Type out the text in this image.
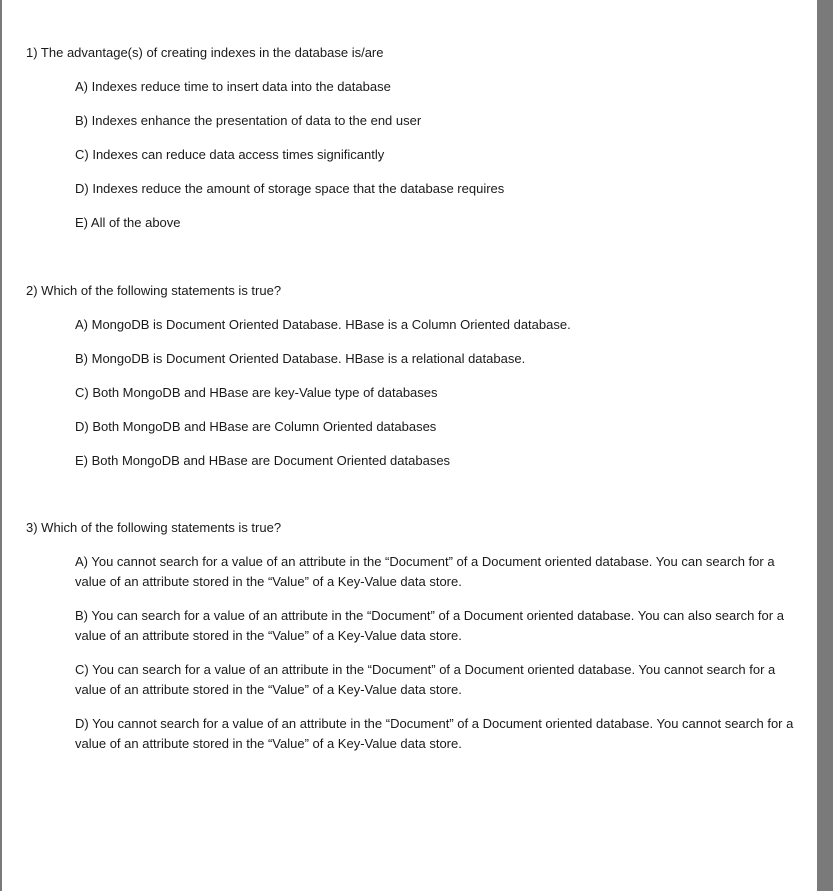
1) The advantage(s) of creating indexes in the database is/are

A) Indexes reduce time to insert data into the database
B) Indexes enhance the presentation of data to the end user
C) Indexes can reduce data access times significantly
D) Indexes reduce the amount of storage space that the database requires
E) All of the above

2) Which of the following statements is true?

A) MongoDB is Document Oriented Database. HBase is a Column Oriented database.
B) MongoDB is Document Oriented Database. HBase is a relational database.
C) Both MongoDB and HBase are key-Value type of databases
D) Both MongoDB and HBase are Column Oriented databases
E) Both MongoDB and HBase are Document Oriented databases

3) Which of the following statements is true?

A) You cannot search for a value of an attribute in the “Document” of a Document oriented database. You can search for a value of an attribute stored in the “Value” of a Key-Value data store.
B) You can search for a value of an attribute in the “Document” of a Document oriented database. You can also search for a value of an attribute stored in the “Value” of a Key-Value data store.
C) You can search for a value of an attribute in the “Document” of a Document oriented database. You cannot search for a value of an attribute stored in the “Value” of a Key-Value data store.
D) You cannot search for a value of an attribute in the “Document” of a Document oriented database. You cannot search for a value of an attribute stored in the “Value” of a Key-Value data store.
